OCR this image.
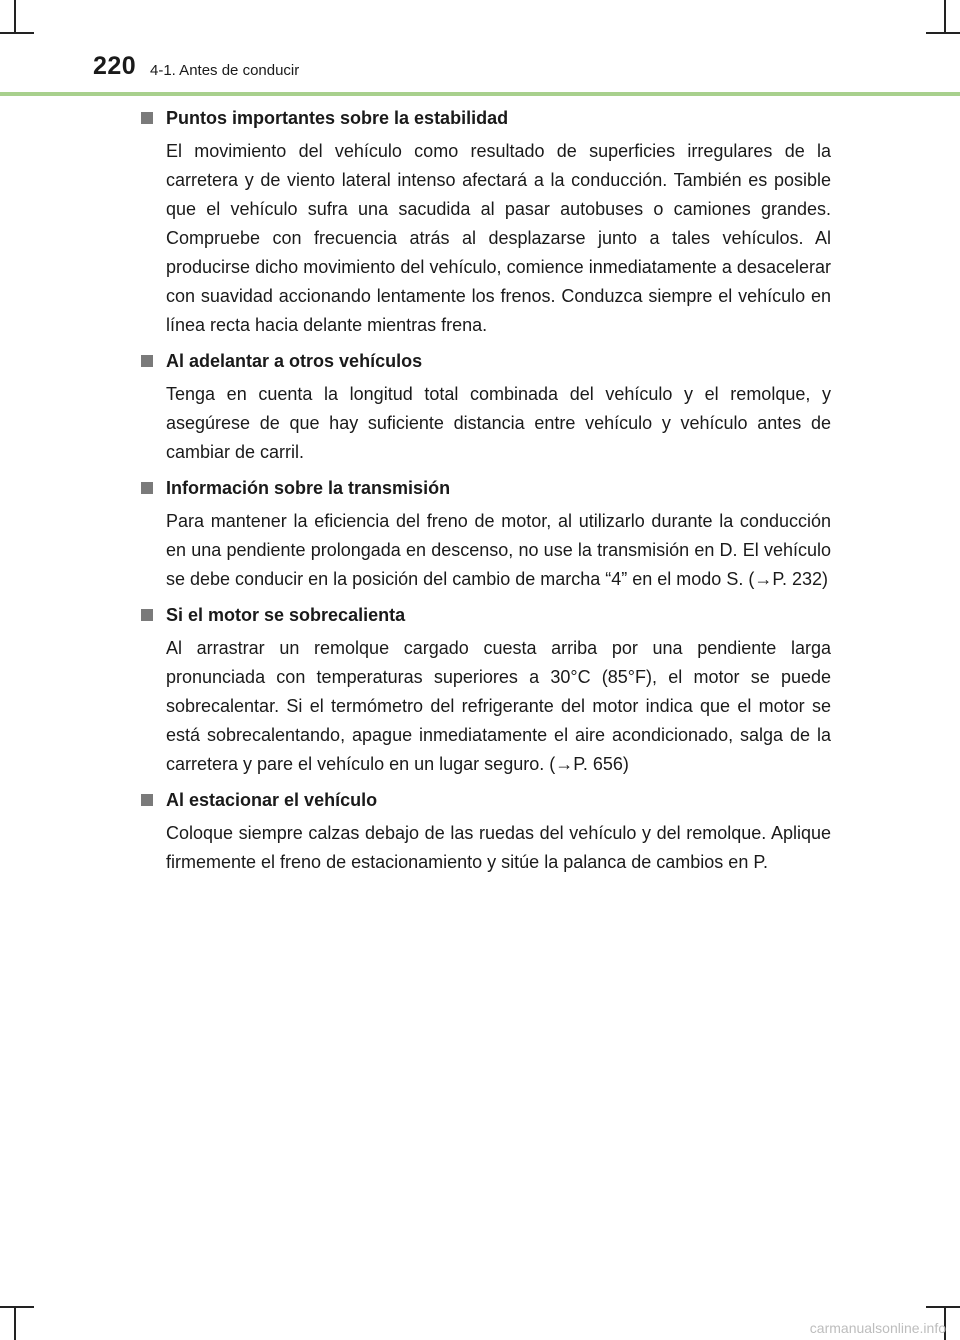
220 4-1. Antes de conducir
Puntos importantes sobre la estabilidad

El movimiento del vehículo como resultado de superficies irregulares de la carretera y de viento lateral intenso afectará a la conducción. También es posible que el vehículo sufra una sacudida al pasar autobuses o camiones grandes. Compruebe con frecuencia atrás al desplazarse junto a tales vehículos. Al producirse dicho movimiento del vehículo, comience inmediatamente a desacelerar con suavidad accionando lentamente los frenos. Conduzca siempre el vehículo en línea recta hacia delante mientras frena.

Al adelantar a otros vehículos

Tenga en cuenta la longitud total combinada del vehículo y el remolque, y asegúrese de que hay suficiente distancia entre vehículo y vehículo antes de cambiar de carril.

Información sobre la transmisión

Para mantener la eficiencia del freno de motor, al utilizarlo durante la conducción en una pendiente prolongada en descenso, no use la transmisión en D. El vehículo se debe conducir en la posición del cambio de marcha “4” en el modo S. (→P. 232)

Si el motor se sobrecalienta

Al arrastrar un remolque cargado cuesta arriba por una pendiente larga pronunciada con temperaturas superiores a 30°C (85°F), el motor se puede sobrecalentar. Si el termómetro del refrigerante del motor indica que el motor se está sobrecalentando, apague inmediatamente el aire acondicionado, salga de la carretera y pare el vehículo en un lugar seguro. (→P. 656)

Al estacionar el vehículo

Coloque siempre calzas debajo de las ruedas del vehículo y del remolque. Aplique firmemente el freno de estacionamiento y sitúe la palanca de cambios en P.

carmanualsonline.info
